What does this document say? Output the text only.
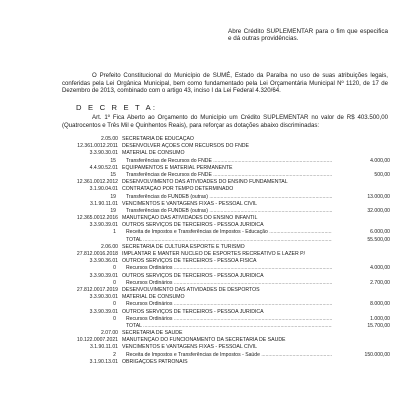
Abre Crédito SUPLEMENTAR para o fim que especifica e dá outras providências.

O Prefeito Constitucional do Município de SUMÉ, Estado da Paraíba no uso de suas atribuições legais, conferidas pela Lei Orgânica Municipal, bem como fundamentado pela Lei Orçamentária Municipal Nº 1120, de 17 de Dezembro de 2013, combinado com o artigo 43, inciso I da Lei Federal 4.320/64.

D E C R E T A:

Art. 1º Fica Aberto ao Orçamento do Município um Crédito SUPLEMENTAR no valor de R$ 403.500,00 (Quatrocentos e Três Mil e Quinhentos Reais), para reforçar as dotações abaixo discriminadas:

2.05.00 SECRETARIA DE EDUCAÇÃO
12.361.0012.2011 DESENVOLVER AÇÕES COM RECURSOS DO FNDE
3.3.90.30.01 MATERIAL DE CONSUMO
15 Transferências de Recursos do FNDE .....	4.000,00
4.4.90.52.01 EQUIPAMENTOS E MATERIAL PERMANENTE
15 Transferências de Recursos do FNDE .....	500,00
12.361.0012.2012 DESENVOLVIMENTO DAS ATIVIDADES DO ENSINO FUNDAMENTAL
3.1.90.04.01 CONTRATAÇÃO POR TEMPO DETERMINADO
19 Transferências do FUNDEB (outras) .....	13.000,00
3.1.90.11.01 VENCIMENTOS E VANTAGENS FIXAS - PESSOAL CIVIL
19 Transferências do FUNDEB (outras) .....	32.000,00
12.365.0012.2016 MANUTENÇÃO DAS ATIVIDADES DO ENSINO INFANTIL
3.3.90.39.01 OUTROS SERVIÇOS DE TERCEIROS - PESSOA JURÍDICA
1 Receita de Impostos e Transferências de Impostos - Educação .....	6.000,00
TOTAL .....	55.500,00
2.06.00 SECRETARIA DE CULTURA ESPORTE E TURISMO
27.812.0016.2018 IMPLANTAR E MANTER NUCLEO DE ESPORTES RECREATIVO E LAZER P/
3.3.90.36.01 OUTROS SERVIÇOS DE TERCEIROS - PESSOA FÍSICA
0 Recursos Ordinários .....	4.000,00
3.3.90.39.01 OUTROS SERVIÇOS DE TERCEIROS - PESSOA JURÍDICA
0 Recursos Ordinários .....	2.700,00
27.812.0017.2019 DESENVOLVIMENTO DAS ATIVIDADES DE DESPORTOS
3.3.90.30.01 MATERIAL DE CONSUMO
0 Recursos Ordinários .....	8.000,00
3.3.90.39.01 OUTROS SERVIÇOS DE TERCEIROS - PESSOA JURÍDICA
0 Recursos Ordinários .....	1.000,00
TOTAL .....	15.700,00
2.07.00 SECRETARIA DE SAÚDE
10.122.0007.2021 MANUTENÇÃO DO FUNCIONAMENTO DA SECRETARIA DE SAÚDE
3.1.90.11.01 VENCIMENTOS E VANTAGENS FIXAS - PESSOAL CIVIL
2 Receita de Impostos e Transferências de Impostos - Saúde .....	150.000,00
3.1.90.13.01 OBRIGAÇÕES PATRONAIS
